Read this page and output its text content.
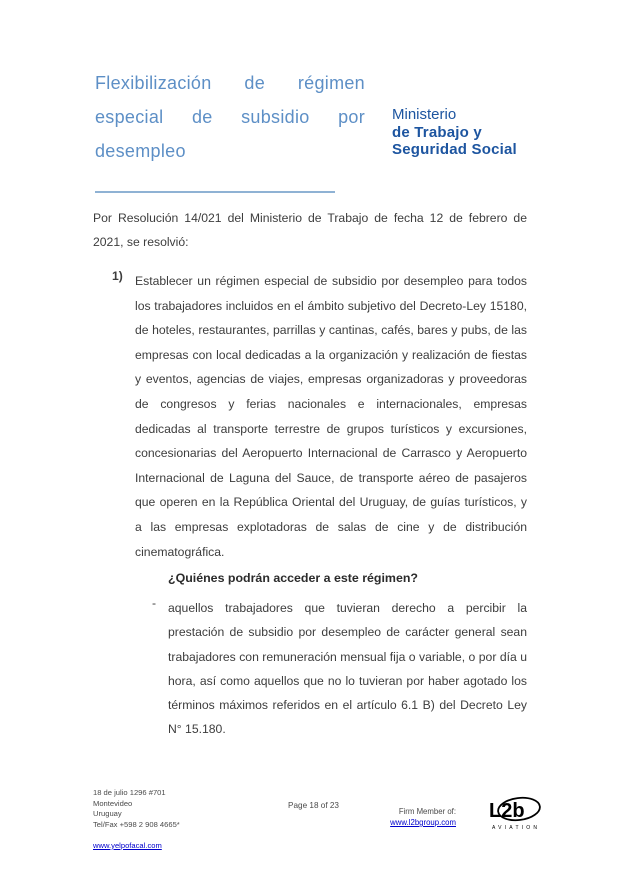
Flexibilización de régimen especial de subsidio por desempleo
Ministerio
de Trabajo y
Seguridad Social
Por Resolución 14/021 del Ministerio de Trabajo de fecha 12 de febrero de 2021, se resolvió:
1) Establecer un régimen especial de subsidio por desempleo para todos los trabajadores incluidos en el ámbito subjetivo del Decreto-Ley 15180, de hoteles, restaurantes, parrillas y cantinas, cafés, bares y pubs, de las empresas con local dedicadas a la organización y realización de fiestas y eventos, agencias de viajes, empresas organizadoras y proveedoras de congresos y ferias nacionales e internacionales, empresas dedicadas al transporte terrestre de grupos turísticos y excursiones, concesionarias del Aeropuerto Internacional de Carrasco y Aeropuerto Internacional de Laguna del Sauce, de transporte aéreo de pasajeros que operen en la República Oriental del Uruguay, de guías turísticos, y a las empresas explotadoras de salas de cine y de distribución cinematográfica.
¿Quiénes podrán acceder a este régimen?
- aquellos trabajadores que tuvieran derecho a percibir la prestación de subsidio por desempleo de carácter general sean trabajadores con remuneración mensual fija o variable, o por día u hora, así como aquellos que no lo tuvieran por haber agotado los términos máximos referidos en el artículo 6.1 B) del Decreto Ley N° 15.180.
18 de julio 1296 #701
Montevideo
Uruguay
Tel/Fax +598 2 908 4665*
www.yelpofacal.com
Page 18 of 23
Firm Member of:
www.l2bgroup.com
L2b
AVIATION
